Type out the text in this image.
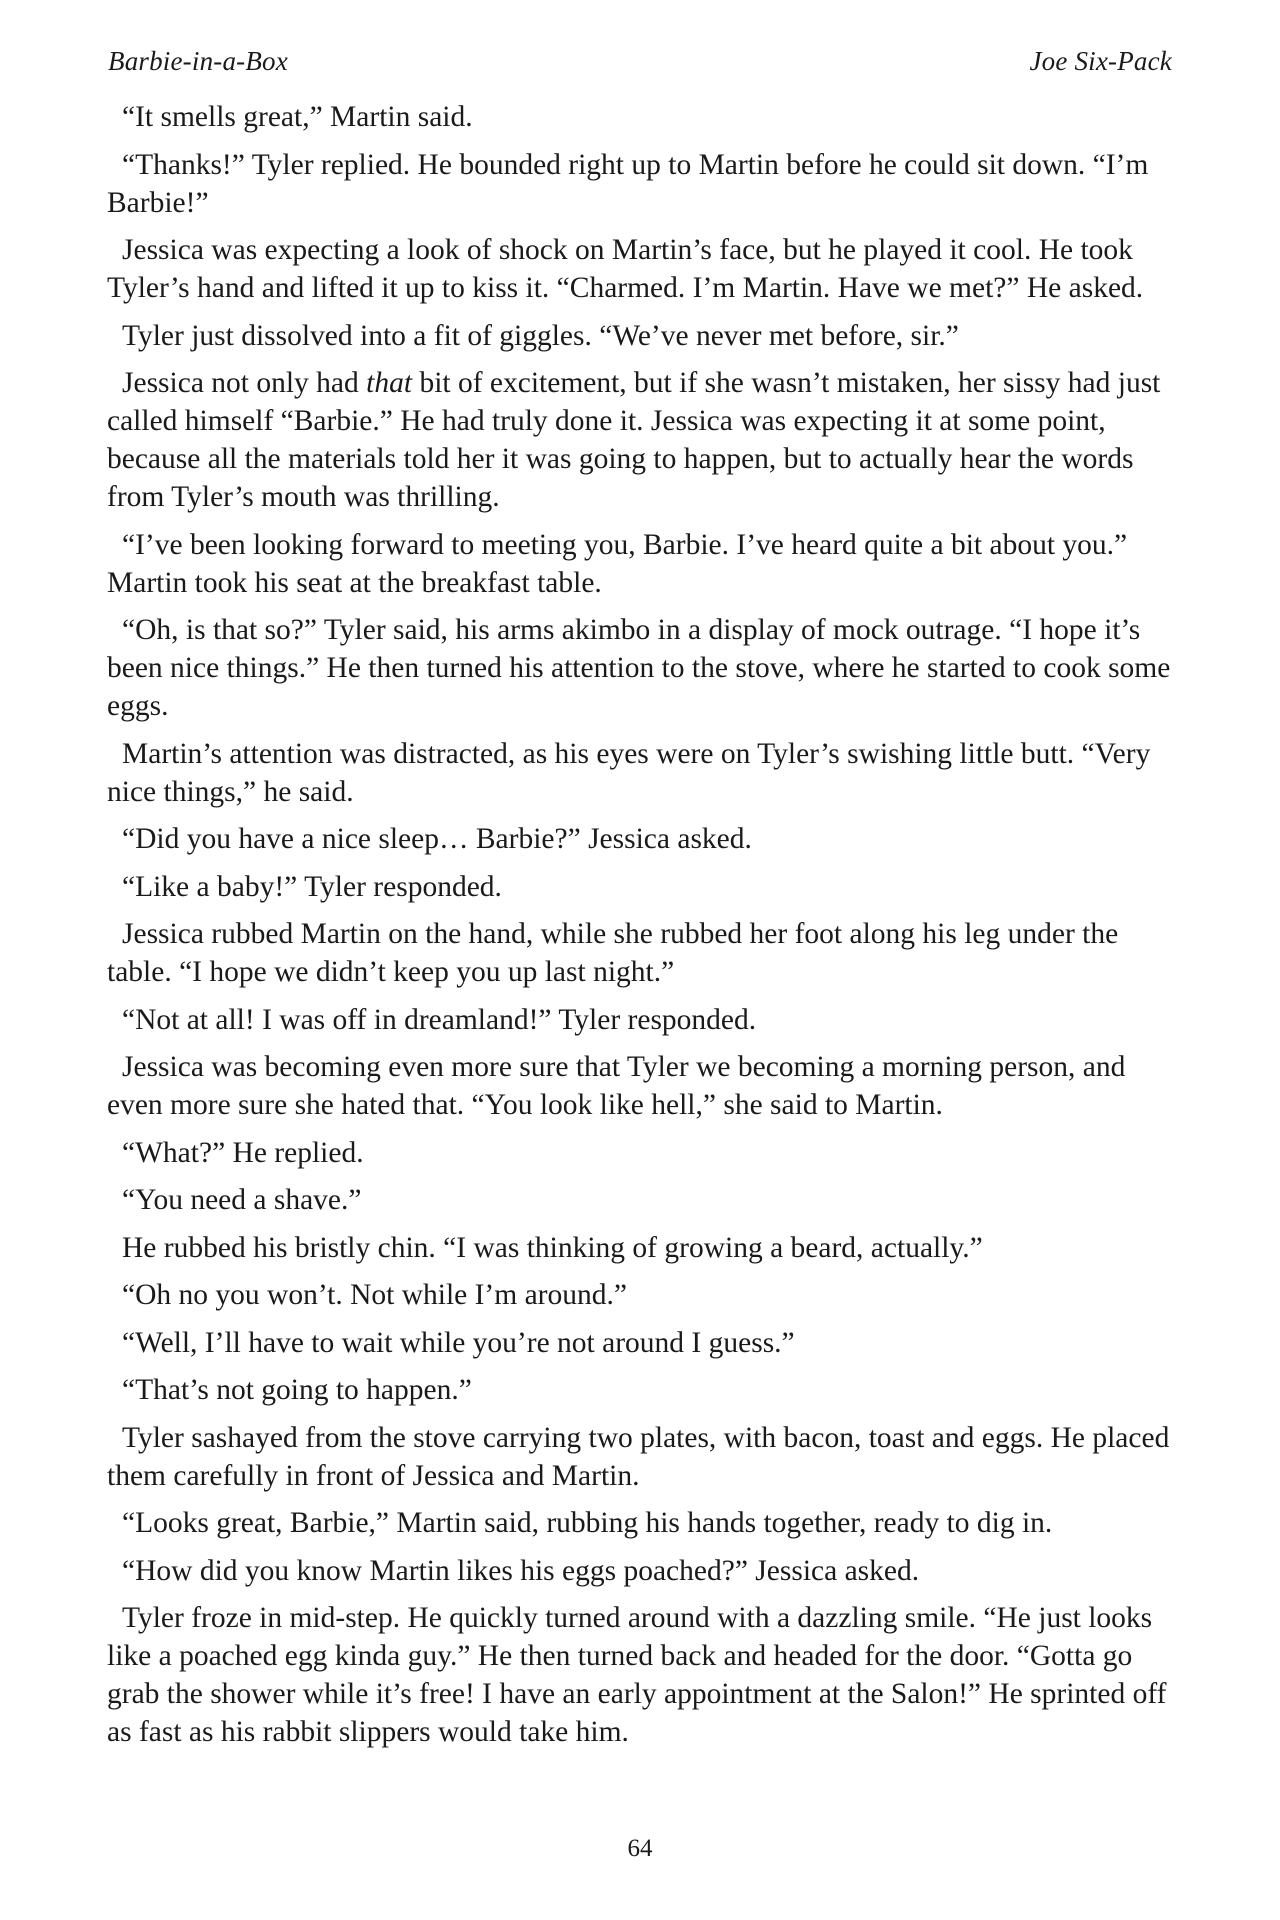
Barbie-in-a-Box	Joe Six-Pack

“It smells great,” Martin said.

“Thanks!” Tyler replied. He bounded right up to Martin before he could sit down. “I’m Barbie!”

Jessica was expecting a look of shock on Martin’s face, but he played it cool. He took Tyler’s hand and lifted it up to kiss it. “Charmed. I’m Martin. Have we met?” He asked.

Tyler just dissolved into a fit of giggles. “We’ve never met before, sir.”

Jessica not only had that bit of excitement, but if she wasn’t mistaken, her sissy had just called himself “Barbie.” He had truly done it. Jessica was expecting it at some point, because all the materials told her it was going to happen, but to actually hear the words from Tyler’s mouth was thrilling.

“I’ve been looking forward to meeting you, Barbie. I’ve heard quite a bit about you.” Martin took his seat at the breakfast table.

“Oh, is that so?” Tyler said, his arms akimbo in a display of mock outrage. “I hope it’s been nice things.” He then turned his attention to the stove, where he started to cook some eggs.

Martin’s attention was distracted, as his eyes were on Tyler’s swishing little butt. “Very nice things,” he said.

“Did you have a nice sleep… Barbie?” Jessica asked.

“Like a baby!” Tyler responded.

Jessica rubbed Martin on the hand, while she rubbed her foot along his leg under the table. “I hope we didn’t keep you up last night.”

“Not at all! I was off in dreamland!” Tyler responded.

Jessica was becoming even more sure that Tyler we becoming a morning person, and even more sure she hated that. “You look like hell,” she said to Martin.

“What?” He replied.

“You need a shave.”

He rubbed his bristly chin. “I was thinking of growing a beard, actually.”

“Oh no you won’t. Not while I’m around.”

“Well, I’ll have to wait while you’re not around I guess.”

“That’s not going to happen.”

Tyler sashayed from the stove carrying two plates, with bacon, toast and eggs. He placed them carefully in front of Jessica and Martin.

“Looks great, Barbie,” Martin said, rubbing his hands together, ready to dig in.

“How did you know Martin likes his eggs poached?” Jessica asked.

Tyler froze in mid-step. He quickly turned around with a dazzling smile. “He just looks like a poached egg kinda guy.” He then turned back and headed for the door. “Gotta go grab the shower while it’s free! I have an early appointment at the Salon!” He sprinted off as fast as his rabbit slippers would take him.

64
